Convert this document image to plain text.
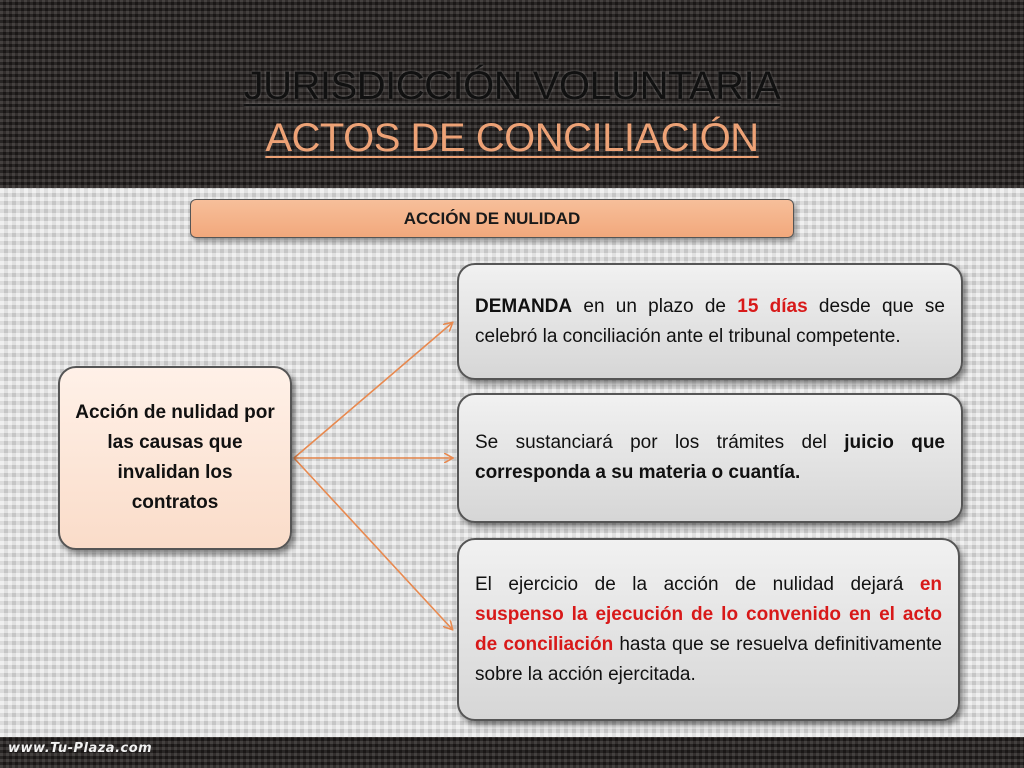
JURISDICCIÓN VOLUNTARIA
ACTOS DE CONCILIACIÓN
ACCIÓN DE NULIDAD
Acción de nulidad por las causas que invalidan los contratos

DEMANDA en un plazo de 15 días desde que se celebró la conciliación ante el tribunal competente.

Se sustanciará por los trámites del juicio que corresponda a su materia o cuantía.

El ejercicio de la acción de nulidad dejará en suspenso la ejecución de lo convenido en el acto de conciliación hasta que se resuelva definitivamente sobre la acción ejercitada.

www.Tu-Plaza.com
